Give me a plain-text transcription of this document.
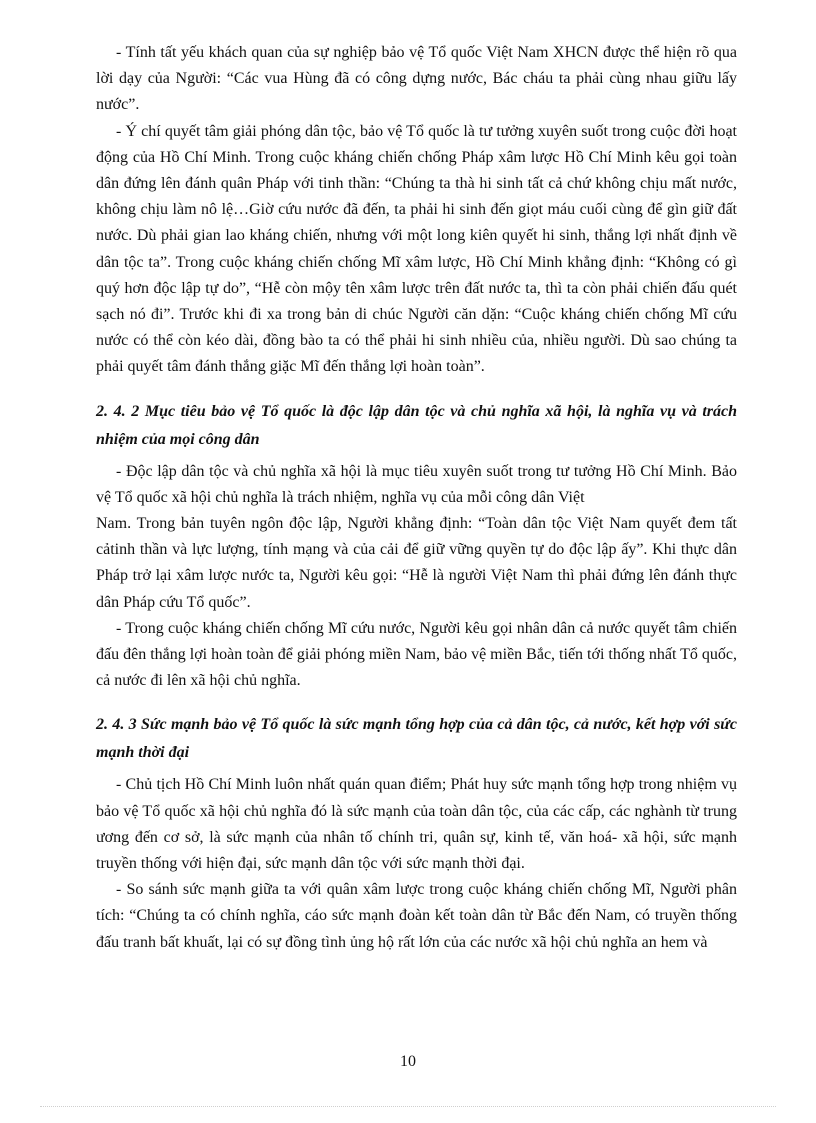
- Tính tất yếu khách quan của sự nghiệp bảo vệ Tổ quốc Việt Nam XHCN được thể hiện rõ qua lời dạy của Người: “Các vua Hùng đã có công dựng nước, Bác cháu ta phải cùng nhau giữu lấy nước”.

- Ý chí quyết tâm giải phóng dân tộc, bảo vệ Tổ quốc là tư tưởng xuyên suốt trong cuộc đời hoạt động của Hồ Chí Minh. Trong cuộc kháng chiến chống Pháp xâm lược Hồ Chí Minh kêu gọi toàn dân đứng lên đánh quân Pháp với tinh thần: “Chúng ta thà hi sinh tất cả chứ không chịu mất nước, không chịu làm nô lệ…Giờ cứu nước đã đến, ta phải hi sinh đến giọt máu cuối cùng để gìn giữ đất nước. Dù phải gian lao kháng chiến, nhưng với một long kiên quyết hi sinh, thắng lợi nhất định về dân tộc ta”. Trong cuộc kháng chiến chống Mĩ xâm lược, Hồ Chí Minh khẳng định: “Không có gì quý hơn độc lập tự do”, “Hễ còn mộy tên xâm lược trên đất nước ta, thì ta còn phải chiến đấu quét sạch nó đi”. Trước khi đi xa trong bản di chúc Người căn dặn: “Cuộc kháng chiến chống Mĩ cứu nước có thể còn kéo dài, đồng bào ta có thể phải hi sinh nhiều của, nhiều người. Dù sao chúng ta phải quyết tâm đánh thắng giặc Mĩ đến thắng lợi hoàn toàn”.

2. 4. 2 Mục tiêu bảo vệ Tổ quốc là độc lập dân tộc và chủ nghĩa xã hội, là nghĩa vụ và trách nhiệm của mọi công dân

- Độc lập dân tộc và chủ nghĩa xã hội là mục tiêu xuyên suốt trong tư tưởng Hồ Chí Minh. Bảo vệ Tổ quốc xã hội chủ nghĩa là trách nhiệm, nghĩa vụ của mỗi công dân Việt

Nam. Trong bản tuyên ngôn độc lập, Người khẳng định: “Toàn dân tộc Việt Nam quyết đem tất cảtinh thần và lực lượng, tính mạng và của cải để giữ vững quyền tự do độc lập ấy”. Khi thực dân Pháp trở lại xâm lược nước ta, Người kêu gọi: “Hễ là người Việt Nam thì phải đứng lên đánh thực dân Pháp cứu Tổ quốc”.

- Trong cuộc kháng chiến chống Mĩ cứu nước, Người kêu gọi nhân dân cả nước quyết tâm chiến đấu đên thắng lợi hoàn toàn để giải phóng miền Nam, bảo vệ miền Bắc, tiến tới thống nhất Tổ quốc, cả nước đi lên xã hội chủ nghĩa.

2. 4. 3 Sức mạnh bảo vệ Tổ quốc là sức mạnh tổng hợp của cả dân tộc, cả nước, kết hợp với sức mạnh thời đại

- Chủ tịch Hồ Chí Minh luôn nhất quán quan điểm; Phát huy sức mạnh tổng hợp trong nhiệm vụ bảo vệ Tổ quốc xã hội chủ nghĩa đó là sức mạnh của toàn dân tộc, của các cấp, các nghành từ trung ương đến cơ sở, là sức mạnh của nhân tố chính tri, quân sự, kinh tế, văn hoá- xã hội, sức mạnh truyền thống với hiện đại, sức mạnh dân tộc với sức mạnh thời đại.

- So sánh sức mạnh giữa ta với quân xâm lược trong cuộc kháng chiến chống Mĩ, Người phân tích: “Chúng ta có chính nghĩa, cáo sức mạnh đoàn kết toàn dân từ Bắc đến Nam, có truyền thống đấu tranh bất khuất, lại có sự đồng tình ủng hộ rất lớn của các nước xã hội chủ nghĩa an hem và

10
